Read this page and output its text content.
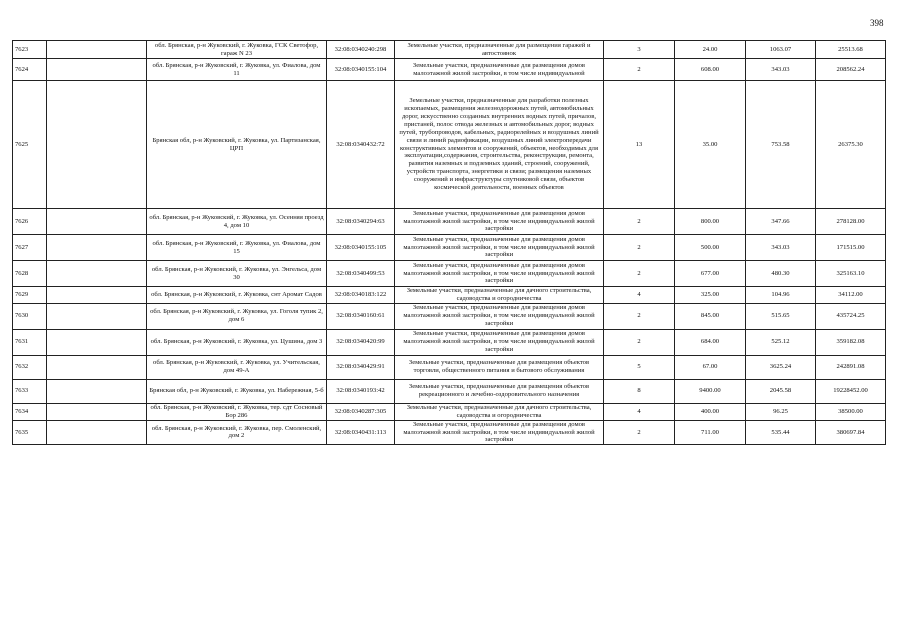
398
7623		обл. Брянская, р-н Жуковский, г. Жуковка, ГСК Светофор, гараж N 23	32:08:0340240:298	Земельные участки, предназначенные для размещения гаражей и автостоянок	3	24.00	1063.07	25513.68
7624		обл. Брянская, р-н Жуковский, г. Жуковка, ул. Фиалова, дом 11	32:08:0340155:104	Земельные участки, предназначенные для размещения домов малоэтажной жилой застройки, в том числе индивидуальной	2	608.00	343.03	208562.24
7625		Брянская обл, р-н Жуковский, г. Жуковка, ул. Партизанская, ЦРП	32:08:0340432:72	Земельные участки, предназначенные для разработки полезных ископаемых, размещения железнодорожных путей, автомобильных дорог, искусственно созданных внутренних водных путей, причалов, пристаней, полос отвода железных и автомобильных дорог, водных путей, трубопроводов, кабельных, радиорелейных и воздушных линий связи и линий радиофикации, воздушных линий электропередачи конструктивных элементов и сооружений, объектов, необходимых для эксплуатации,содержания, строительства, реконструкции, ремонта, развития наземных и подземных зданий, строений, сооружений, устройств транспорта, энергетики и связи; размещения наземных сооружений и инфраструктуры спутниковой связи, объектов космической деятельности, военных объектов	13	35.00	753.58	26375.30
7626		обл. Брянская, р-н Жуковский, г. Жуковка, ул. Осенняя проезд 4, дом 10	32:08:0340294:63	Земельные участки, предназначенные для размещения домов малоэтажной жилой застройки, в том числе индивидуальной жилой застройки	2	800.00	347.66	278128.00
7627		обл. Брянская, р-н Жуковский, г. Жуковка, ул. Фиалова, дом 15	32:08:0340155:105	Земельные участки, предназначенные для размещения домов малоэтажной жилой застройки, в том числе индивидуальной жилой застройки	2	500.00	343.03	171515.00
7628		обл. Брянская, р-н Жуковский, г. Жуковка, ул. Энгельса, дом 30	32:08:0340499:53	Земельные участки, предназначенные для размещения домов малоэтажной жилой застройки, в том числе индивидуальной жилой застройки	2	677.00	480.30	325163.10
7629		обл. Брянская, р-н Жуковский, г. Жуковка, снт Аромат Садов	32:08:0340183:122	Земельные участки, предназначенные для дачного строительства, садоводства и огородничества	4	325.00	104.96	34112.00
7630		обл. Брянская, р-н Жуковский, г. Жуковка, ул. Гоголя тупик 2, дом 6	32:08:0340160:61	Земельные участки, предназначенные для размещения домов малоэтажной жилой застройки, в том числе индивидуальной жилой застройки	2	845.00	515.65	435724.25
7631		обл. Брянская, р-н Жуковский, г. Жуковка, ул. Цушина, дом 3	32:08:0340420:99	Земельные участки, предназначенные для размещения домов малоэтажной жилой застройки, в том числе индивидуальной жилой застройки	2	684.00	525.12	359182.08
7632		обл. Брянская, р-н Жуковский, г. Жуковка, ул. Учительская, дом 49-А	32:08:0340429:91	Земельные участки, предназначенные для размещения объектов торговли, общественного питания и бытового обслуживания	5	67.00	3625.24	242891.08
7633		Брянская обл, р-н Жуковский, г. Жуковка, ул. Набережная, 5-б	32:08:0340193:42	Земельные участки, предназначенные для размещения объектов рекреационного и лечебно-оздоровительного назначения	8	9400.00	2045.58	19228452.00
7634		обл. Брянская, р-н Жуковский, г. Жуковка, тер. сдт Сосновый Бор 286	32:08:0340287:305	Земельные участки, предназначенные для дачного строительства, садоводства и огородничества	4	400.00	96.25	38500.00
7635		обл. Брянская, р-н Жуковский, г. Жуковка, пер. Смоленский, дом 2	32:08:0340431:113	Земельные участки, предназначенные для размещения домов малоэтажной жилой застройки, в том числе индивидуальной жилой застройки	2	711.00	535.44	380697.84
